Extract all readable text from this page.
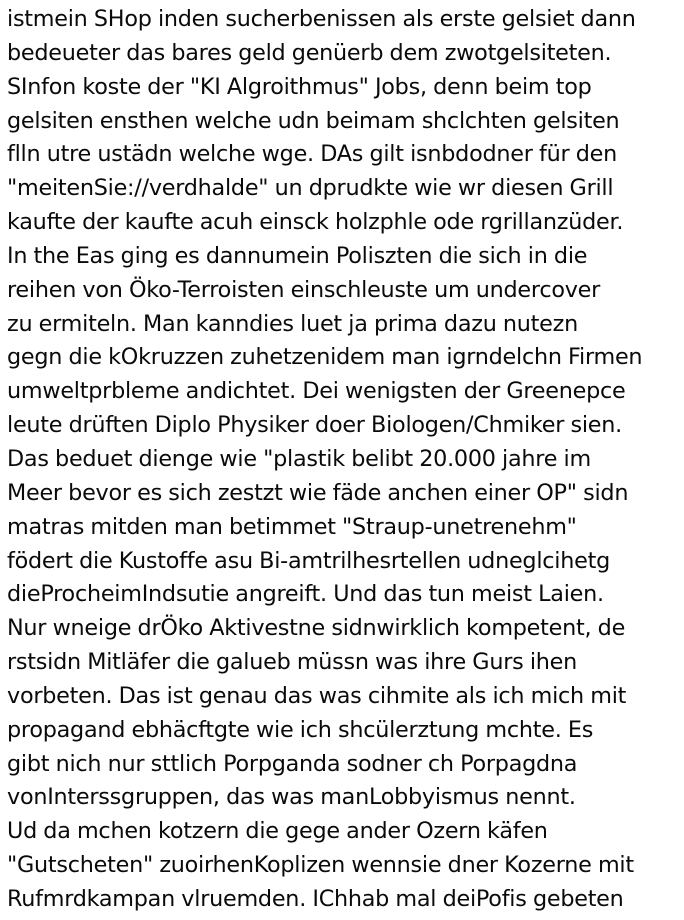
istmein SHop inden sucherbenissen als erste gelsiet dann
bedeueter das bares geld genüerb dem zwotgelsiteten.
SInfon koste der "KI Algroithmus" Jobs, denn beim top
gelsiten ensthen welche udn beimam shclchten gelsiten
flln utre ustädn welche wge. DAs gilt isnbdodner für den
"meitenSie://verdhalde" un dprudkte wie wr diesen Grill
kaufte der kaufte acuh einsck holzphle ode rgrillanzüder.
In the Eas ging es dannumein Poliszten die sich in die
reihen von Öko-Terroisten einschleuste um undercover
zu ermiteln. Man kanndies luet ja prima dazu nutezn
gegn die kOkruzzen zuhetzenidem man igrndelchn Firmen
umweltprbleme andichtet. Dei wenigsten der Greenepce
leute drüften Diplo Physiker doer Biologen/Chmiker sien.
Das beduet dienge wie "plastik belibt 20.000 jahre im
Meer bevor es sich zestzt wie fäde anchen einer OP" sidn
matras mitden man betimmet "Straup-unetrenehm"
födert die Kustoffe asu Bi-amtrilhesrtellen udneglcihetg
dieProcheimIndsutie angreift. Und das tun meist Laien.
Nur wneige drÖko Aktivestne sidnwirklich kompetent, de
rstsidn Mitläfer die galueb müssn was ihre Gurs ihen
vorbeten. Das ist genau das was cihmite als ich mich mit
propagand ebhäcftgte wie ich shcülerztung mchte. Es
gibt nich nur sttlich Porpganda sodner ch Porpagdna
vonInterssgruppen, das was manLobbyismus nennt.
Ud da mchen kotzern die gege ander Ozern käfen
"Gutscheten" zuoirhenKoplizen wennsie dner Kozerne mit
Rufmrdkampan vlruemden. IChhab mal deiPofis gebeten
